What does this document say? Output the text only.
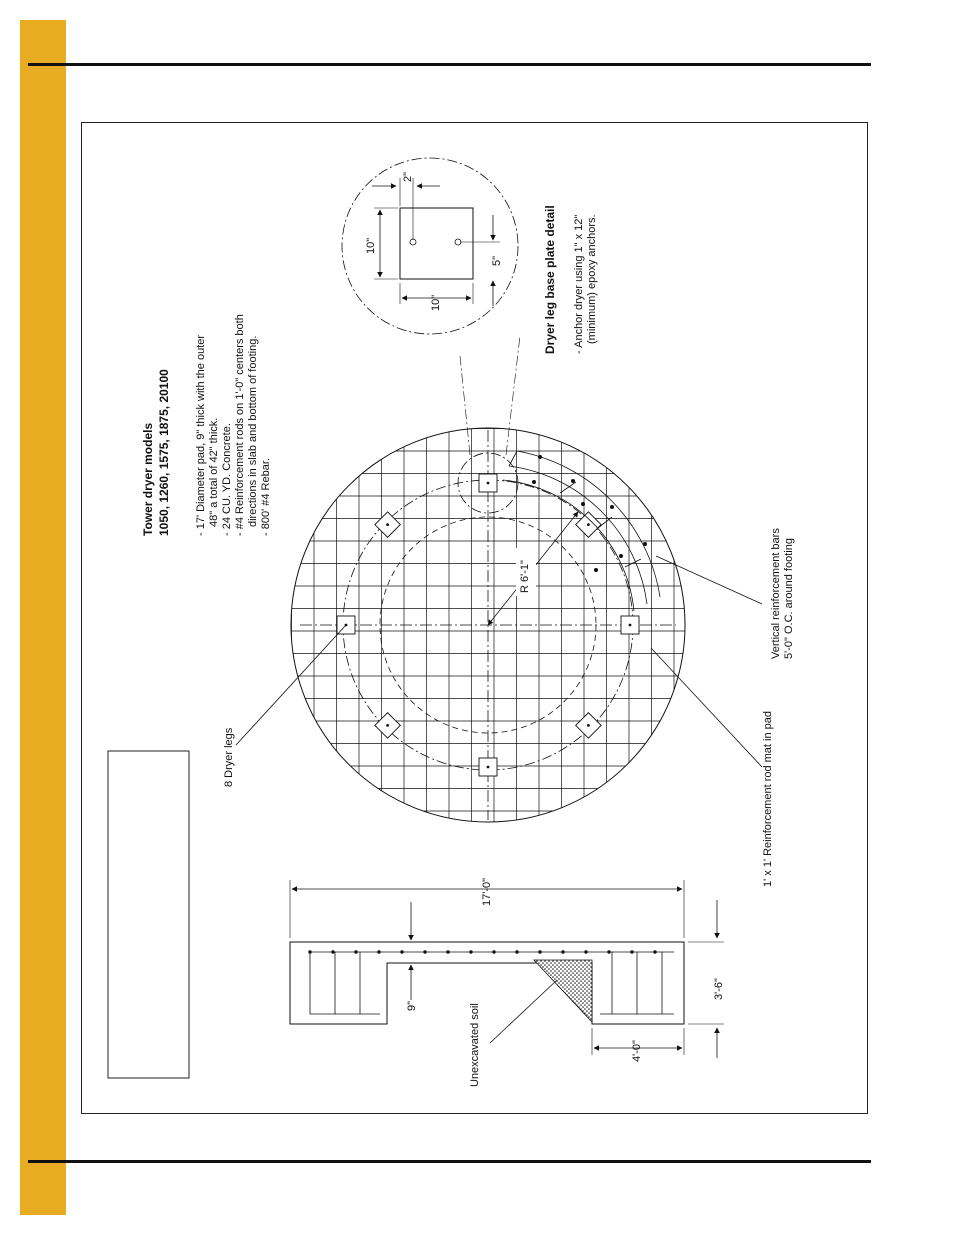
Tower dryer models 1050, 1260, 1575, 1875, 20100 - 17' Diameter pad, 9" thick with the outer 48" a total of 42" thick. - 24 CU. YD. Concrete. - #4 Reinforcement rods on 1'-0" centers both directions in slab and bottom of footing. - 800' #4 Rebar.
Dryer leg base plate detail - Anchor dryer using 1" x 12" (minimum) epoxy anchors.
2"
10"
10"
5"
R 6'-1"
8 Dryer legs	1' x 1' Reinforcement rod mat in pad
Vertical reinforcement bars 5'-0" O.C. around footing
17'-0"
9"
3'-6"
4'-0"
Unexcavated soil
